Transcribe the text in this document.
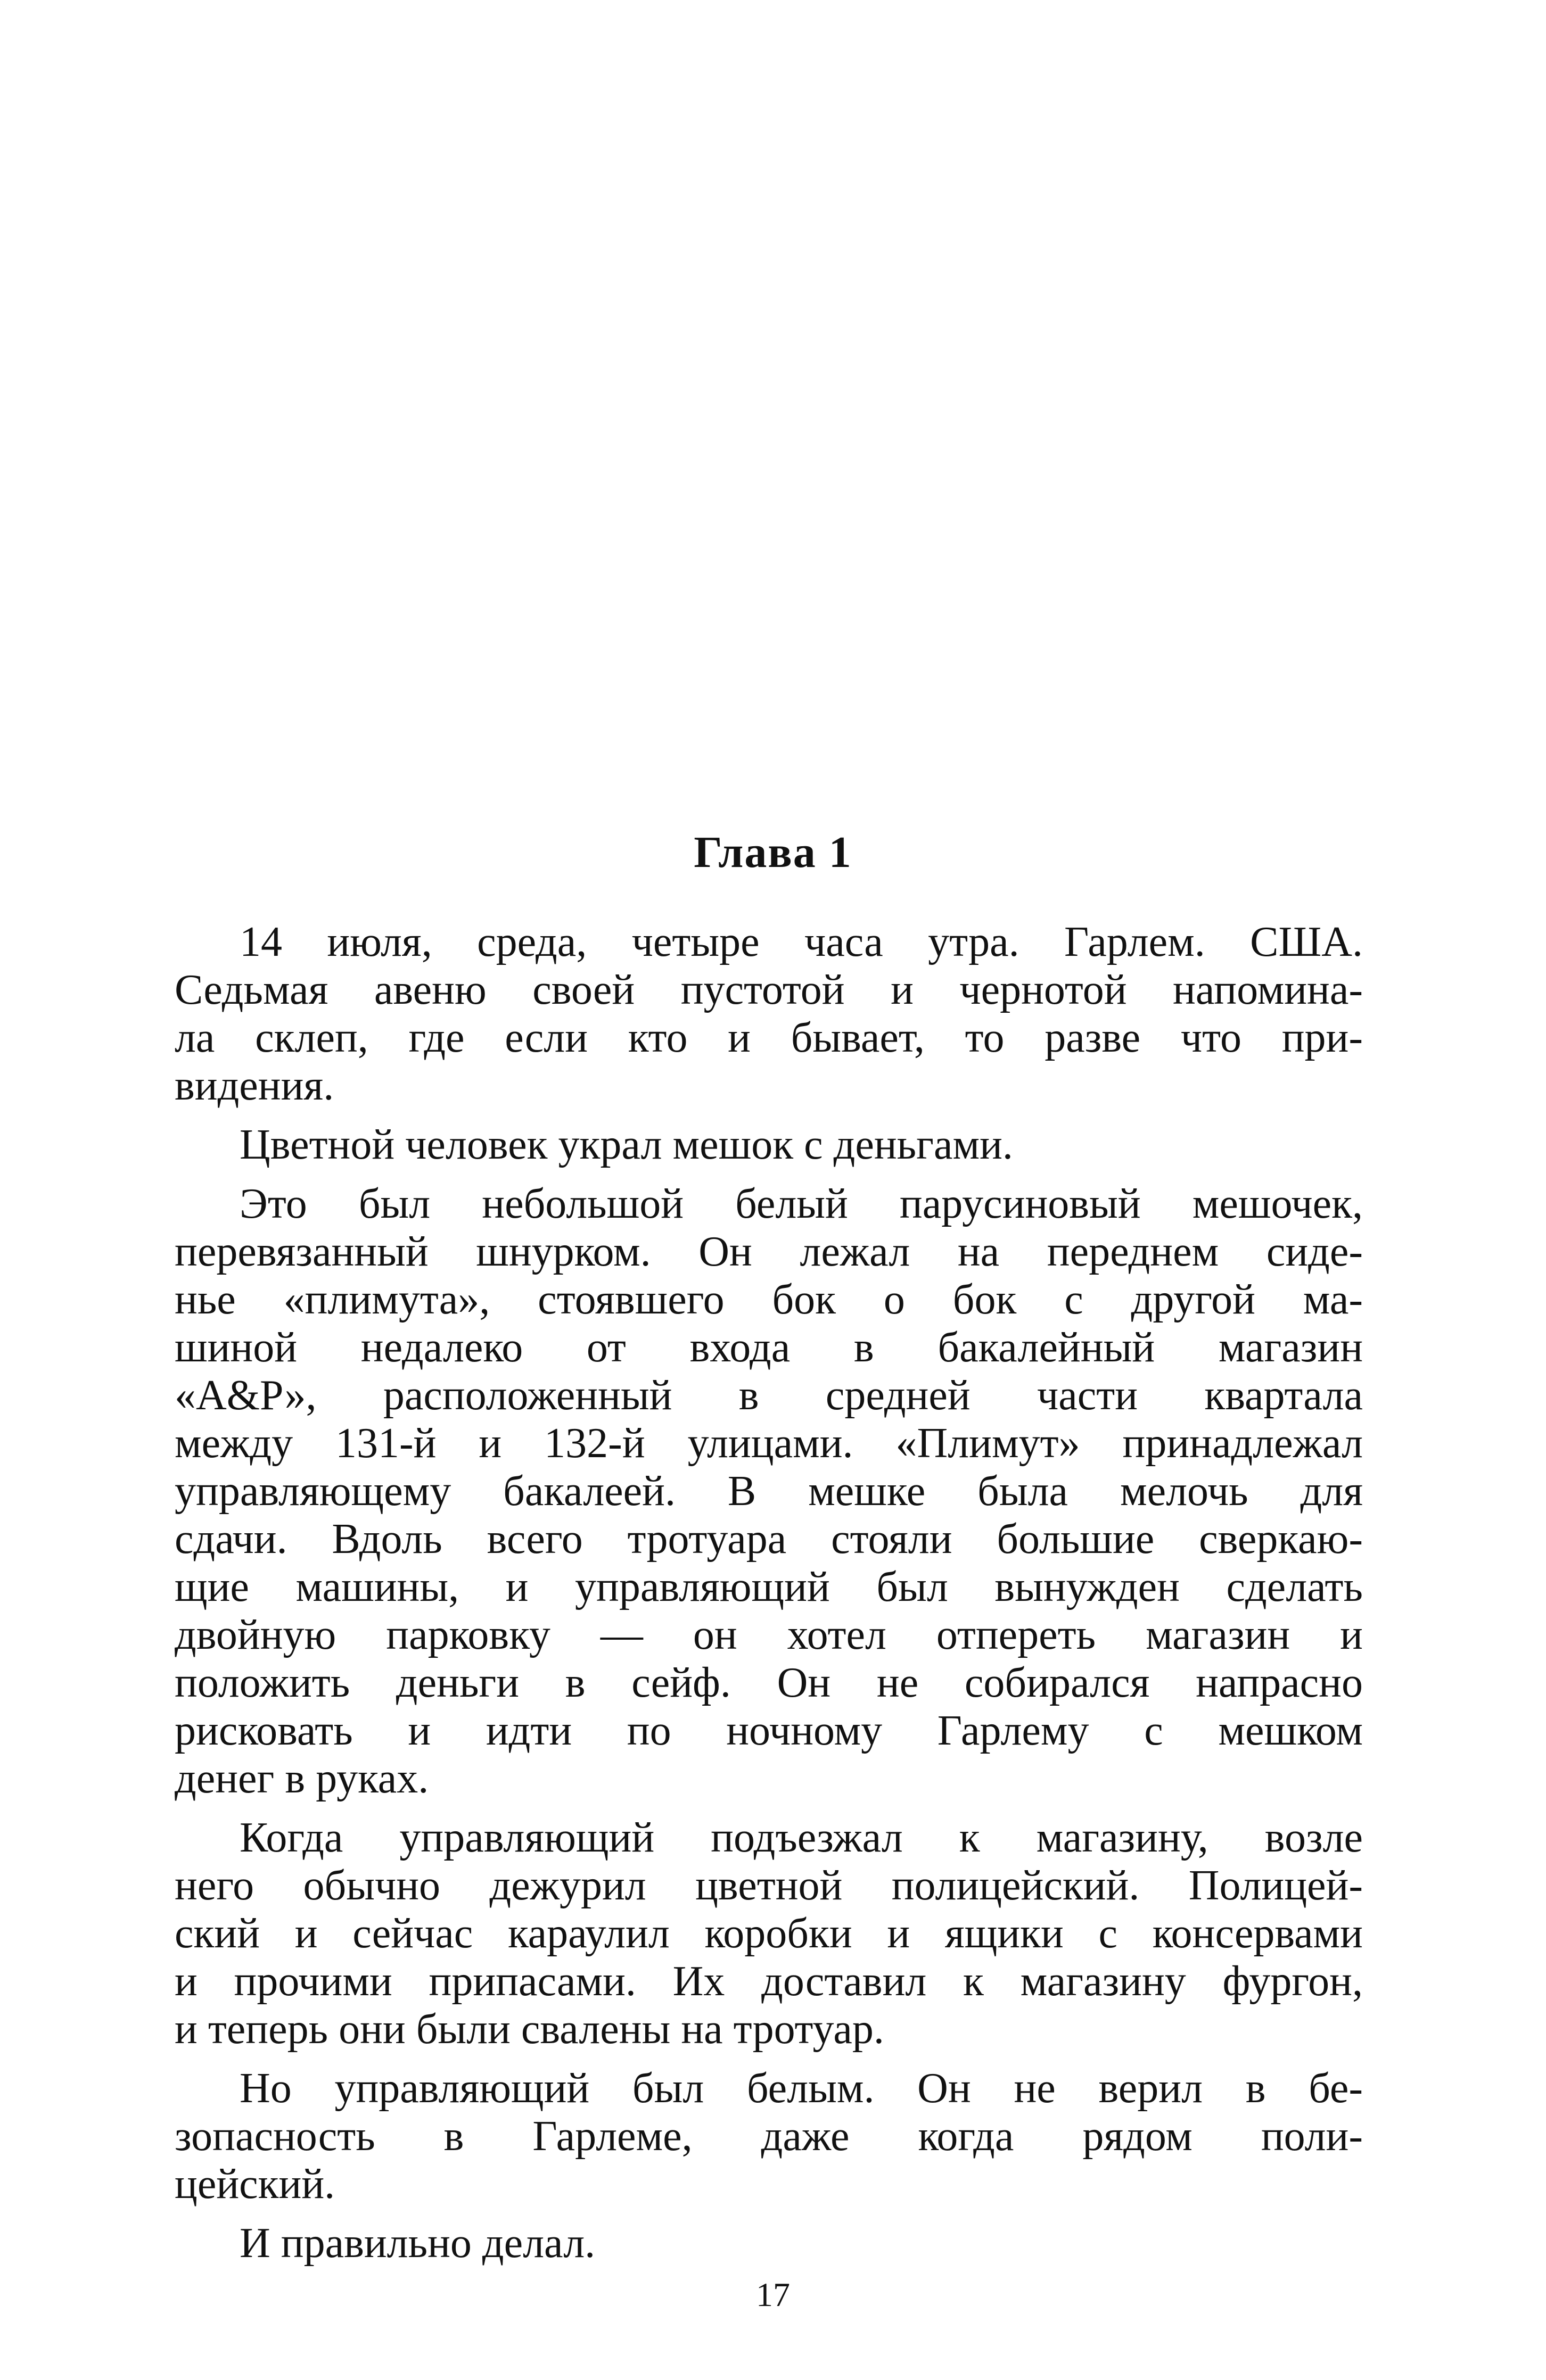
Глава 1

14 июля, среда, четыре часа утра. Гарлем. США.
Седьмая авеню своей пустотой и чернотой напомина-
ла склеп, где если кто и бывает, то разве что при-
видения.

Цветной человек украл мешок с деньгами.

Это был небольшой белый парусиновый мешочек,
перевязанный шнурком. Он лежал на переднем сиде-
нье «плимута», стоявшего бок о бок с другой ма-
шиной недалеко от входа в бакалейный магазин
«А&Р», расположенный в средней части квартала
между 131-й и 132-й улицами. «Плимут» принадлежал
управляющему бакалеей. В мешке была мелочь для
сдачи. Вдоль всего тротуара стояли большие сверкаю-
щие машины, и управляющий был вынужден сделать
двойную парковку — он хотел отпереть магазин и
положить деньги в сейф. Он не собирался напрасно
рисковать и идти по ночному Гарлему с мешком
денег в руках.

Когда управляющий подъезжал к магазину, возле
него обычно дежурил цветной полицейский. Полицей-
ский и сейчас караулил коробки и ящики с консервами
и прочими припасами. Их доставил к магазину фургон,
и теперь они были свалены на тротуар.

Но управляющий был белым. Он не верил в бе-
зопасность в Гарлеме, даже когда рядом поли-
цейский.

И правильно делал.

17
